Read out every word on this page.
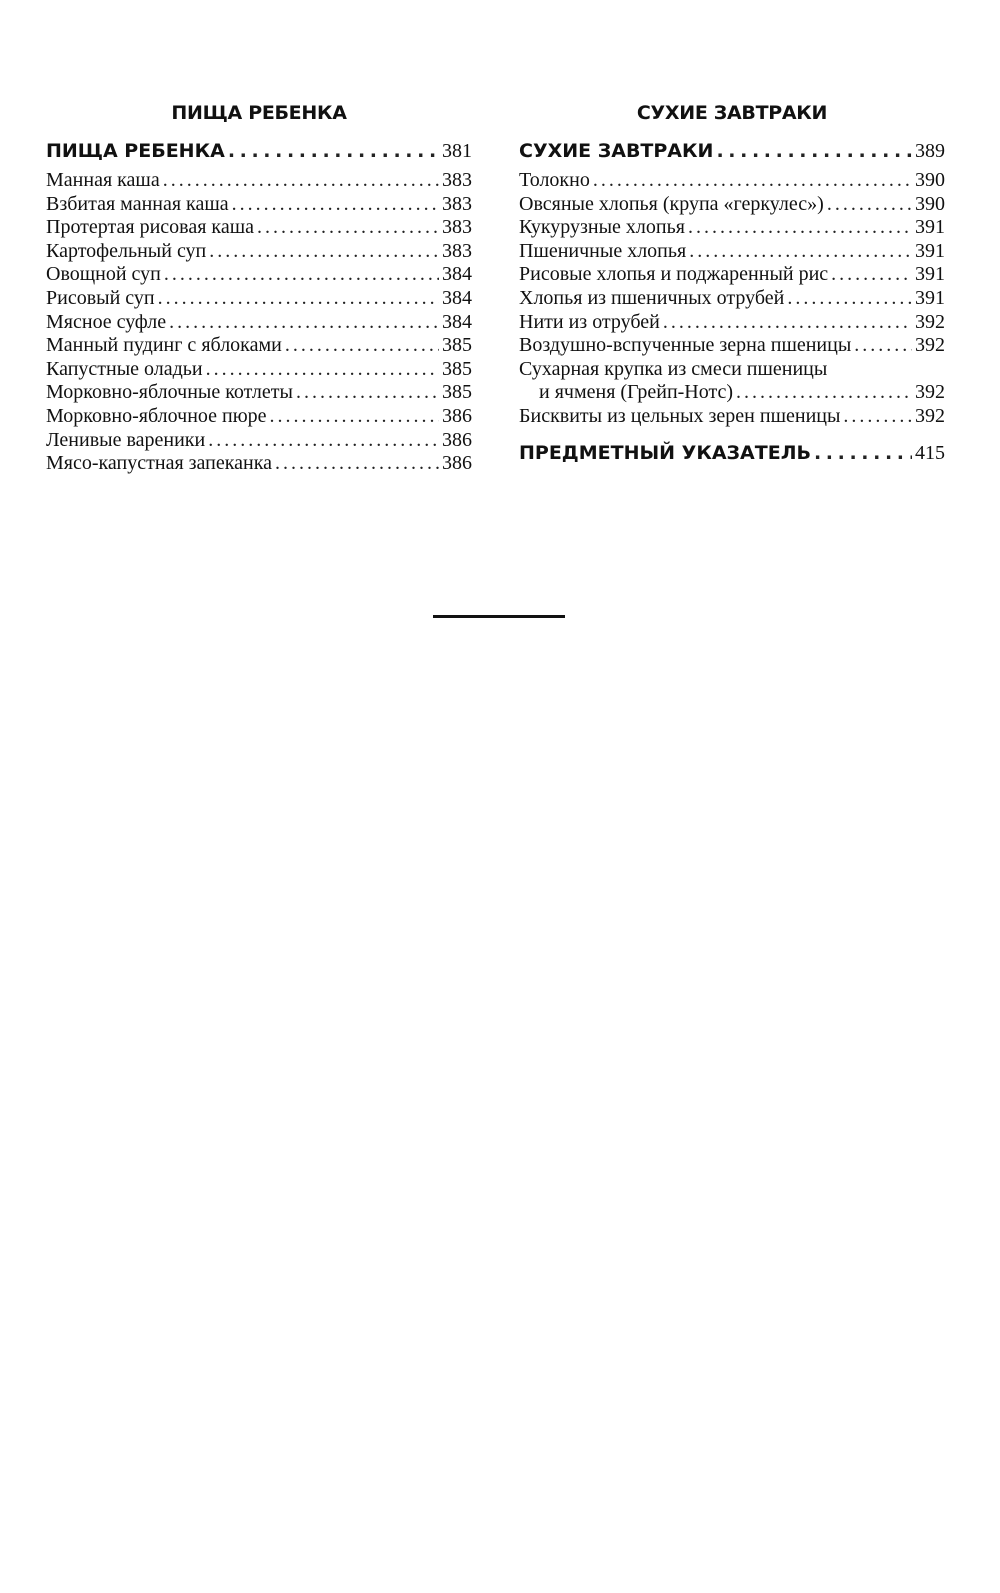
ПИЩА РЕБЕНКА
ПИЩА РЕБЕНКА . . .	381
Манная каша . . .	383
Взбитая манная каша . . .	383
Протертая рисовая каша . . .	383
Картофельный суп . . .	383
Овощной суп . . .	384
Рисовый суп . . .	384
Мясное суфле . . .	384
Манный пудинг с яблоками . . .	385
Капустные оладьи . . .	385
Морковно-яблочные котлеты . . .	385
Морковно-яблочное пюре . . .	386
Ленивые вареники . . .	386
Мясо-капустная запеканка . . .	386
СУХИЕ ЗАВТРАКИ
СУХИЕ ЗАВТРАКИ . . .	389
Толокно . . .	390
Овсяные хлопья (крупа «геркулес») . . .	390
Кукурузные хлопья . . .	391
Пшеничные хлопья . . .	391
Рисовые хлопья и поджаренный рис . . .	391
Хлопья из пшеничных отрубей . . .	391
Нити из отрубей . . .	392
Воздушно-вспученные зерна пшеницы . . .	392
Сухарная крупка из смеси пшеницы
и ячменя (Грейп-Нотс) . . .	392
Бисквиты из цельных зерен пшеницы . . .	392
ПРЕДМЕТНЫЙ УКАЗАТЕЛЬ . . .	415
